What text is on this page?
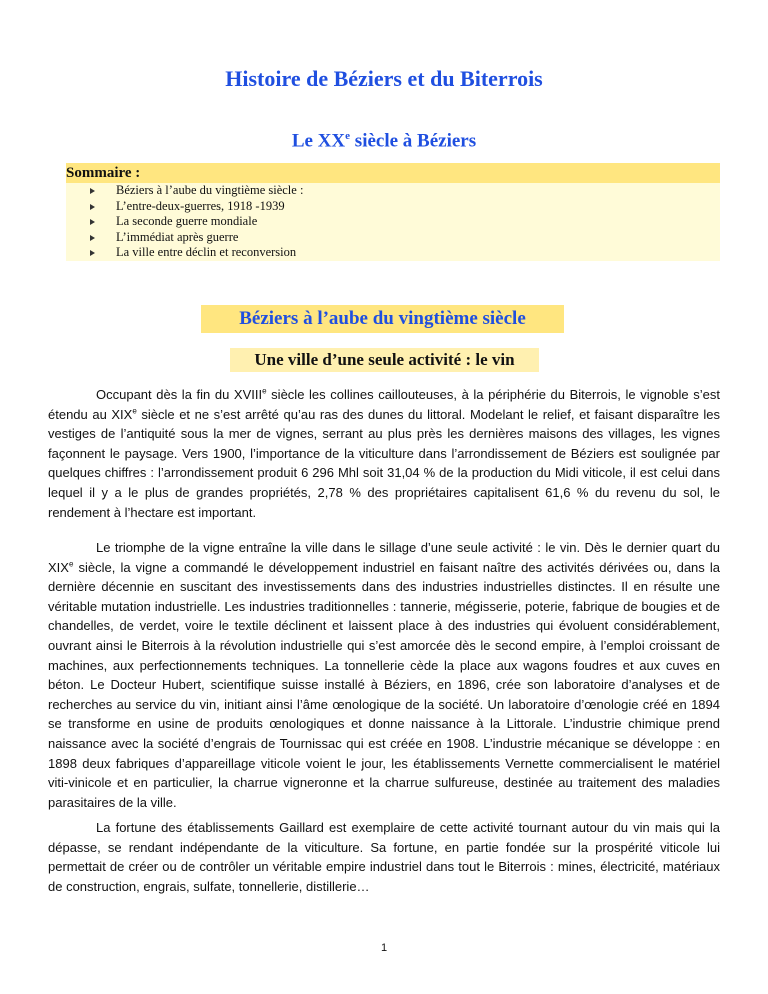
Histoire de Béziers et du Biterrois
Le XXe siècle à Béziers
Sommaire :
Béziers à l’aube du vingtième siècle :
L’entre-deux-guerres, 1918 -1939
La seconde guerre mondiale
L’immédiat après guerre
La ville entre déclin et reconversion
Béziers à l’aube du vingtième siècle
Une ville d’une seule activité : le vin

Occupant dès la fin du XVIIIe siècle les collines caillouteuses, à la périphérie du Biterrois, le vignoble s’est étendu au XIXe siècle et ne s’est arrêté qu’au ras des dunes du littoral. Modelant le relief, et faisant disparaître les vestiges de l’antiquité sous la mer de vignes, serrant au plus près les dernières maisons des villages, les vignes façonnent le paysage. Vers 1900, l’importance de la viticulture dans l’arrondissement de Béziers est soulignée par quelques chiffres : l’arrondissement produit 6 296 Mhl soit 31,04 % de la production du Midi viticole, il est celui dans lequel il y a le plus de grandes propriétés, 2,78 % des propriétaires capitalisent 61,6 % du revenu du sol, le rendement à l’hectare est important.

Le triomphe de la vigne entraîne la ville dans le sillage d’une seule activité : le vin. Dès le dernier quart du XIXe siècle, la vigne a commandé le développement industriel en faisant naître des activités dérivées ou, dans la dernière décennie en suscitant des investissements dans des industries industrielles distinctes. Il en résulte une véritable mutation industrielle. Les industries traditionnelles : tannerie, mégisserie, poterie, fabrique de bougies et de chandelles, de verdet, voire le textile déclinent et laissent place à des industries qui évoluent considérablement, ouvrant ainsi le Biterrois à la révolution industrielle qui s’est amorcée dès le second empire, à l’emploi croissant de machines, aux perfectionnements techniques. La tonnellerie cède la place aux wagons foudres et aux cuves en béton. Le Docteur Hubert, scientifique suisse installé à Béziers, en 1896, crée son laboratoire d’analyses et de recherches au service du vin, initiant ainsi l’âme œnologique de la société. Un laboratoire d’œnologie créé en 1894 se transforme en usine de produits œnologiques et donne naissance à la Littorale. L’industrie chimique prend naissance avec la société d’engrais de Tournissac qui est créée en 1908. L’industrie mécanique se développe : en 1898 deux fabriques d’appareillage viticole voient le jour, les établissements Vernette commercialisent le matériel viti-vinicole et en particulier, la charrue vigneronne et la charrue sulfureuse, destinée au traitement des maladies parasitaires de la ville.

La fortune des établissements Gaillard est exemplaire de cette activité tournant autour du vin mais qui la dépasse, se rendant indépendante de la viticulture. Sa fortune, en partie fondée sur la prospérité viticole lui permettait de créer ou de contrôler un véritable empire industriel dans tout le Biterrois : mines, électricité, matériaux de construction, engrais, sulfate, tonnellerie, distillerie…

1
